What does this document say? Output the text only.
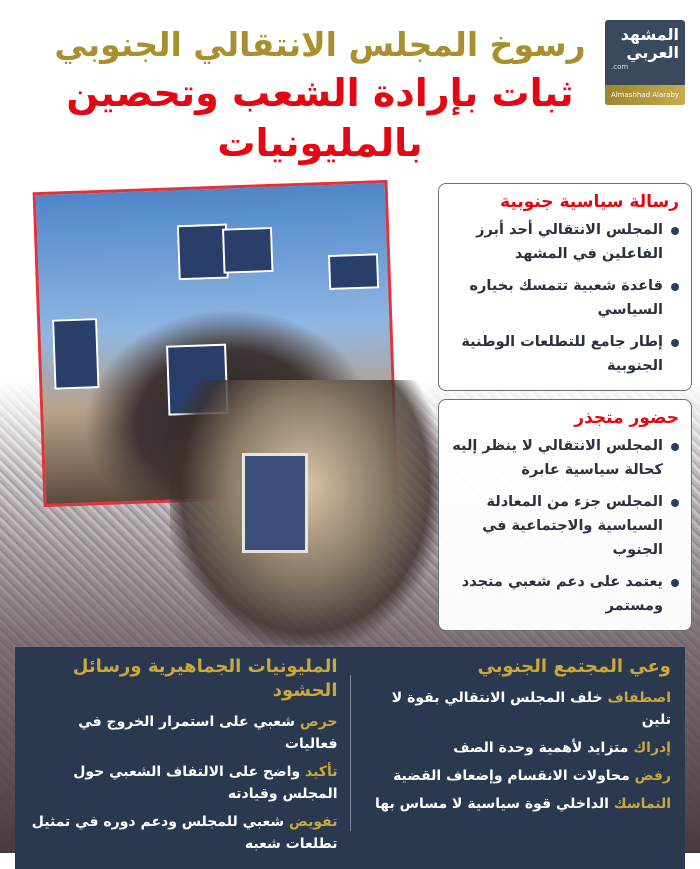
المشهد العربي
.com
Almashhad Alaraby
رسوخ المجلس الانتقالي الجنوبي
ثبات بإرادة الشعب وتحصين
بالمليونيات
رسالة سياسية جنوبية
المجلس الانتقالي أحد أبرز الفاعلين في المشهد
قاعدة شعبية تتمسك بخياره السياسي
إطار جامع للتطلعات الوطنية الجنوبية
حضور متجذر
المجلس الانتقالي لا ينظر إليه كحالة سياسية عابرة
المجلس جزء من المعادلة السياسية والاجتماعية في الجنوب
يعتمد على دعم شعبي متجدد ومستمر
وعي المجتمع الجنوبي

اصطفاف خلف المجلس الانتقالي بقوة لا تلين

إدراك متزايد لأهمية وحدة الصف

رفض محاولات الانقسام وإضعاف القضية

التماسك الداخلي قوة سياسية لا مساس بها

المليونيات الجماهيرية ورسائل الحشود

حرص شعبي على استمرار الخروج في فعاليات

تأكيد واضح على الالتفاف الشعبي حول المجلس وقيادته

تفويض شعبي للمجلس ودعم دوره في تمثيل تطلعات شعبه
